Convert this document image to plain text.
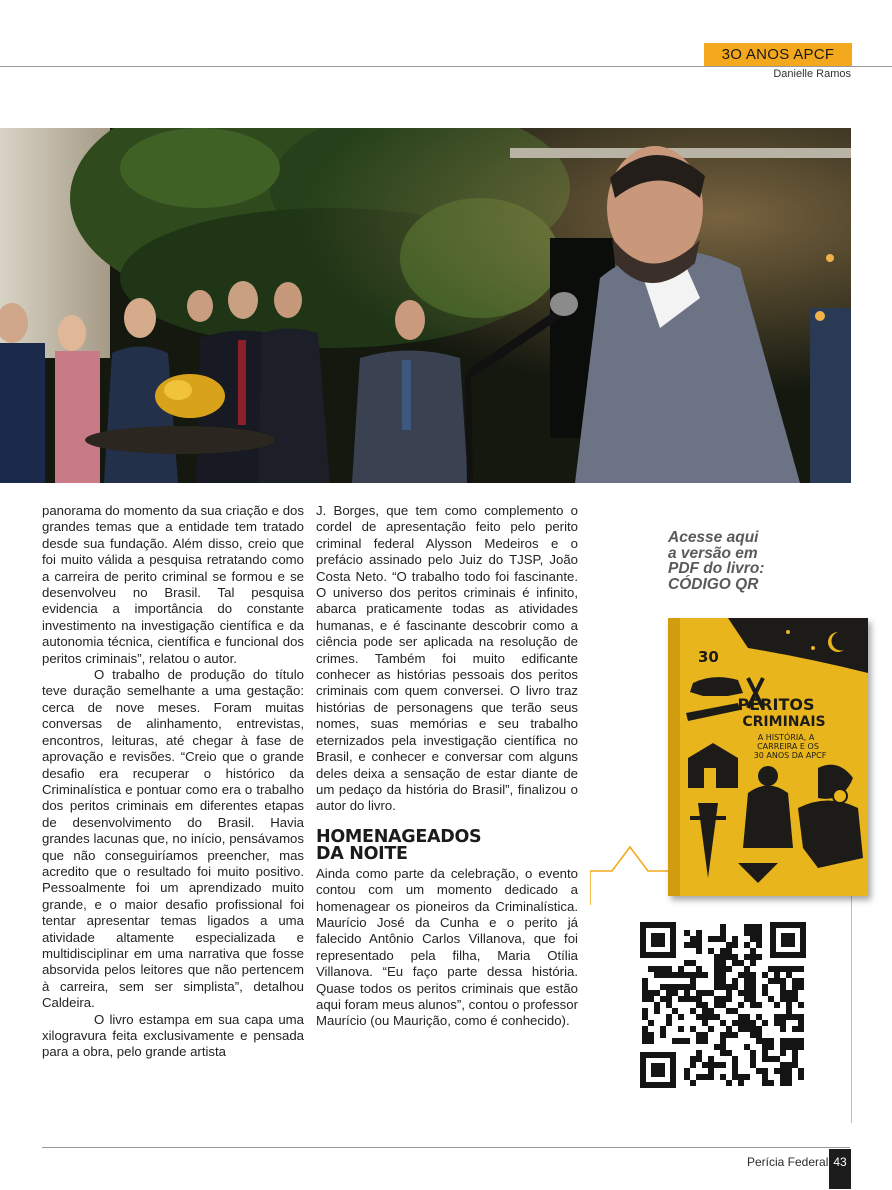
3O ANOS APCF
Danielle Ramos

panorama do momento da sua criação e dos grandes temas que a entidade tem tratado desde sua fundação. Além disso, creio que foi muito válida a pesquisa retratando como a carreira de perito criminal se formou e se desenvolveu no Brasil. Tal pesquisa evidencia a importância do constante investimento na investigação científica e da autonomia técnica, científica e funcional dos peritos criminais”, relatou o autor.

O trabalho de produção do título teve duração semelhante a uma gestação: cerca de nove meses. Foram muitas conversas de alinhamento, entrevistas, encontros, leituras, até chegar à fase de aprovação e revisões. “Creio que o grande desafio era recuperar o histórico da Criminalística e pontuar como era o trabalho dos peritos criminais em diferentes etapas de desenvolvimento do Brasil. Havia grandes lacunas que, no início, pensávamos que não conseguiríamos preencher, mas acredito que o resultado foi muito positivo. Pessoalmente foi um aprendizado muito grande, e o maior desafio profissional foi tentar apresentar temas ligados a uma atividade altamente especializada e multidisciplinar em uma narrativa que fosse absorvida pelos leitores que não pertencem à carreira, sem ser simplista”, detalhou Caldeira.

O livro estampa em sua capa uma xilogravura feita exclusivamente e pensada para a obra, pelo grande artista

J. Borges, que tem como complemento o cordel de apresentação feito pelo perito criminal federal Alysson Medeiros e o prefácio assinado pelo Juiz do TJSP, João Costa Neto. “O trabalho todo foi fascinante. O universo dos peritos criminais é infinito, abarca praticamente todas as atividades humanas, e é fascinante descobrir como a ciência pode ser aplicada na resolução de crimes. Também foi muito edificante conhecer as histórias pessoais dos peritos criminais com quem conversei. O livro traz histórias de personagens que terão seus nomes, suas memórias e seu trabalho eternizados pela investigação científica no Brasil, e conhecer e conversar com alguns deles deixa a sensação de estar diante de um pedaço da história do Brasil”, finalizou o autor do livro.

HOMENAGEADOS
DA NOITE

Ainda como parte da celebração, o evento contou com um momento dedicado a homenagear os pioneiros da Criminalística. Maurício José da Cunha e o perito já falecido Antônio Carlos Villanova, que foi representado pela filha, Maria Otília Villanova. “Eu faço parte dessa história. Quase todos os peritos criminais que estão aqui foram meus alunos”, contou o professor Maurício (ou Maurição, como é conhecido).

Acesse aqui
a versão em
PDF do livro:
CÓDIGO QR
30
PERITOS
CRIMINAIS
A HISTÓRIA, A
CARREIRA E OS
30 ANOS DA APCF
Perícia Federal 43
